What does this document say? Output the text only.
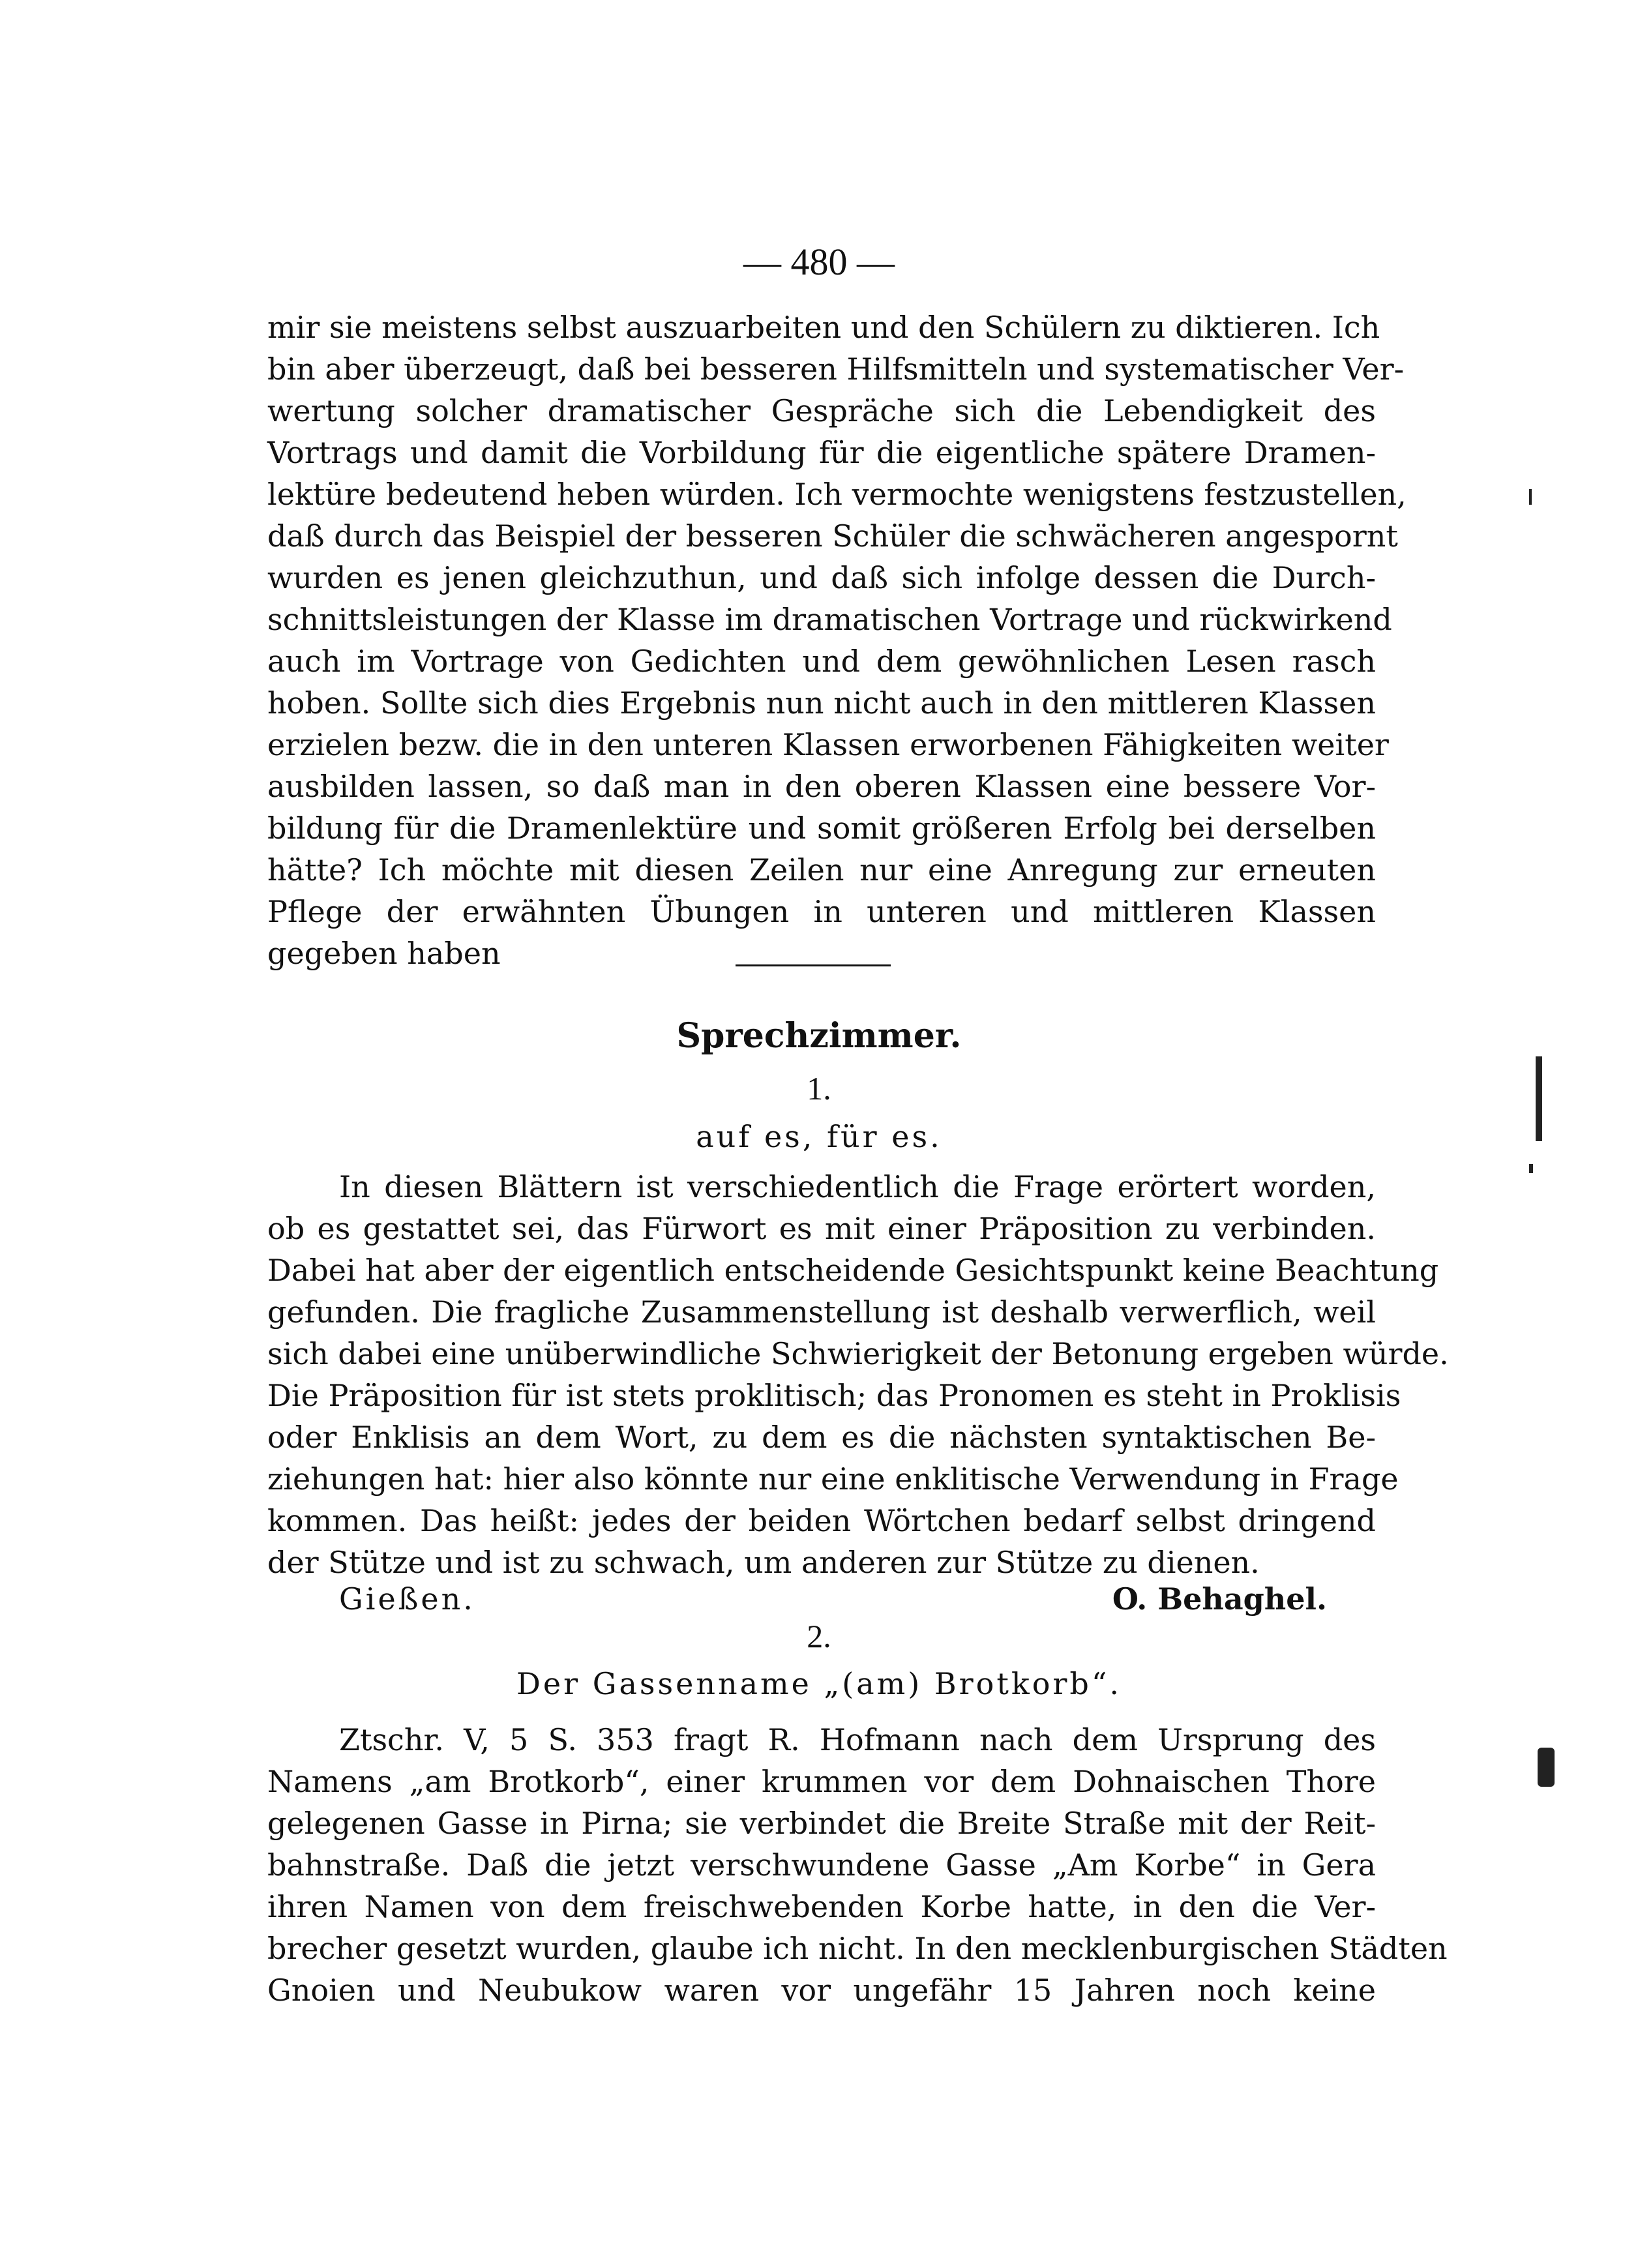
— 480 —
mir sie meistens selbst auszuarbeiten und den Schülern zu diktieren. Ich
bin aber überzeugt, daß bei besseren Hilfsmitteln und systematischer Ver-
wertung solcher dramatischer Gespräche sich die Lebendigkeit des
Vortrags und damit die Vorbildung für die eigentliche spätere Dramen-
lektüre bedeutend heben würden. Ich vermochte wenigstens festzustellen,
daß durch das Beispiel der besseren Schüler die schwächeren angespornt
wurden es jenen gleichzuthun, und daß sich infolge dessen die Durch-
schnittsleistungen der Klasse im dramatischen Vortrage und rückwirkend
auch im Vortrage von Gedichten und dem gewöhnlichen Lesen rasch
hoben. Sollte sich dies Ergebnis nun nicht auch in den mittleren Klassen
erzielen bezw. die in den unteren Klassen erworbenen Fähigkeiten weiter
ausbilden lassen, so daß man in den oberen Klassen eine bessere Vor-
bildung für die Dramenlektüre und somit größeren Erfolg bei derselben
hätte? Ich möchte mit diesen Zeilen nur eine Anregung zur erneuten
Pflege der erwähnten Übungen in unteren und mittleren Klassen
gegeben haben
Sprechzimmer.
1.
auf es, für es.
In diesen Blättern ist verschiedentlich die Frage erörtert worden,
ob es gestattet sei, das Fürwort es mit einer Präposition zu verbinden.
Dabei hat aber der eigentlich entscheidende Gesichtspunkt keine Beachtung
gefunden. Die fragliche Zusammenstellung ist deshalb verwerflich, weil
sich dabei eine unüberwindliche Schwierigkeit der Betonung ergeben würde.
Die Präposition für ist stets proklitisch; das Pronomen es steht in Proklisis
oder Enklisis an dem Wort, zu dem es die nächsten syntaktischen Be-
ziehungen hat: hier also könnte nur eine enklitische Verwendung in Frage
kommen. Das heißt: jedes der beiden Wörtchen bedarf selbst dringend
der Stütze und ist zu schwach, um anderen zur Stütze zu dienen.
Gießen.	O. Behaghel.
2.
Der Gassenname „(am) Brotkorb“.
Ztschr. V, 5 S. 353 fragt R. Hofmann nach dem Ursprung des
Namens „am Brotkorb“, einer krummen vor dem Dohnaischen Thore
gelegenen Gasse in Pirna; sie verbindet die Breite Straße mit der Reit-
bahnstraße. Daß die jetzt verschwundene Gasse „Am Korbe“ in Gera
ihren Namen von dem freischwebenden Korbe hatte, in den die Ver-
brecher gesetzt wurden, glaube ich nicht. In den mecklenburgischen Städten
Gnoien und Neubukow waren vor ungefähr 15 Jahren noch keine
